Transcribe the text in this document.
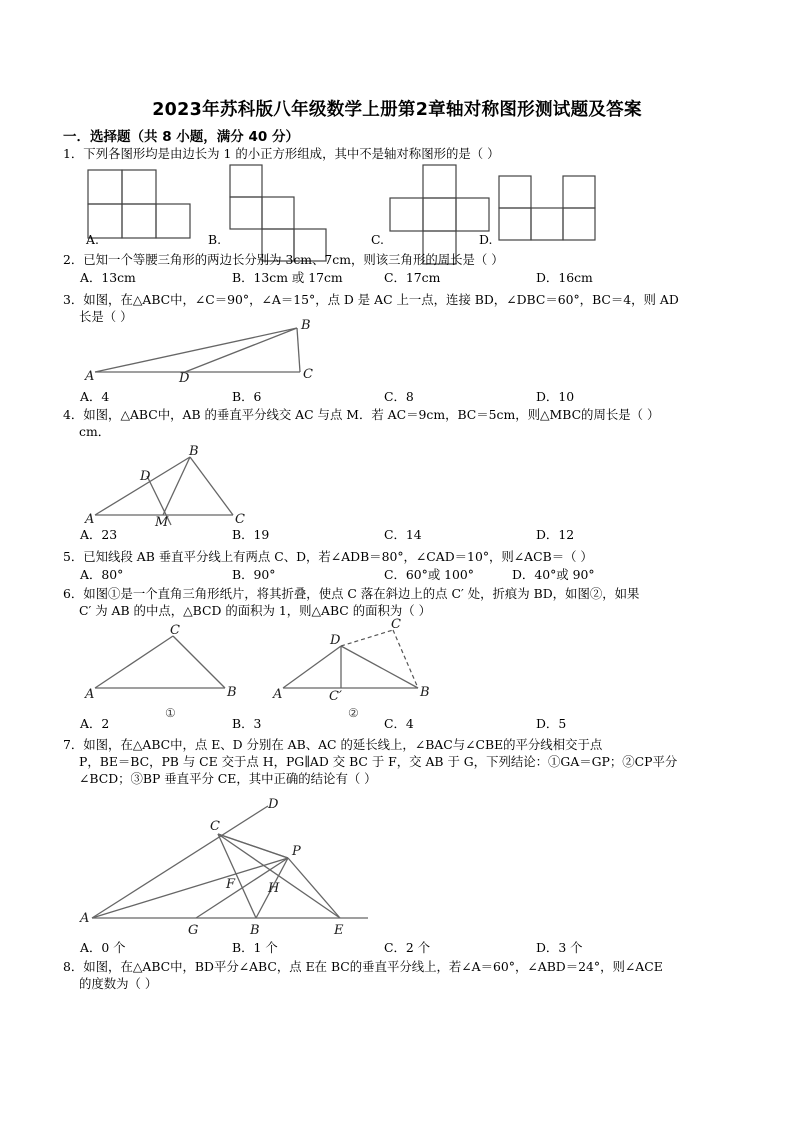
2023年苏科版八年级数学上册第2章轴对称图形测试题及答案
一．选择题（共 8 小题，满分 40 分）
1．下列各图形均是由边长为 1 的小正方形组成，其中不是轴对称图形的是（ ）
A.	B.	C.	D.
2．已知一个等腰三角形的两边长分别为 3cm、7cm，则该三角形的周长是（ ）
A．13cm	B．13cm 或 17cm	C．17cm	D．16cm
3．如图，在△ABC中，∠C＝90°，∠A＝15°，点 D 是 AC 上一点，连接 BD，∠DBC＝60°，BC＝4，则 AD
长是（ ）
A	D	C
B
A．4	B．6	C．8	D．10
4．如图，△ABC中，AB 的垂直平分线交 AC 与点 M．若 AC＝9cm，BC＝5cm，则△MBC的周长是（ ）
cm．
A	M	C
B
D
A．23	B．19	C．14	D．12
5．已知线段 AB 垂直平分线上有两点 C、D，若∠ADB＝80°，∠CAD＝10°，则∠ACB＝（ ）
A．80°	B．90°	C．60°或 100°	D．40°或 90°
6．如图①是一个直角三角形纸片，将其折叠，使点 C 落在斜边上的点 C′ 处，折痕为 BD，如图②，如果
C′ 为 AB 的中点，△BCD 的面积为 1，则△ABC 的面积为（ ）
A	B
C
①
A	B
C
D
C′
②
A．2	B．3	C．4	D．5
7．如图，在△ABC中，点 E、D 分别在 AB、AC 的延长线上，∠BAC与∠CBE的平分线相交于点
P，BE＝BC，PB 与 CE 交于点 H，PG∥AD 交 BC 于 F，交 AB 于 G，下列结论：①GA＝GP；②CP平分
∠BCD；③BP 垂直平分 CE，其中正确的结论有（ ）
A
C
D
P
F	H
G	B	E
A．0 个	B．1 个	C．2 个	D．3 个
8．如图，在△ABC中，BD平分∠ABC，点 E在 BC的垂直平分线上，若∠A＝60°，∠ABD＝24°，则∠ACE
的度数为（ ）
